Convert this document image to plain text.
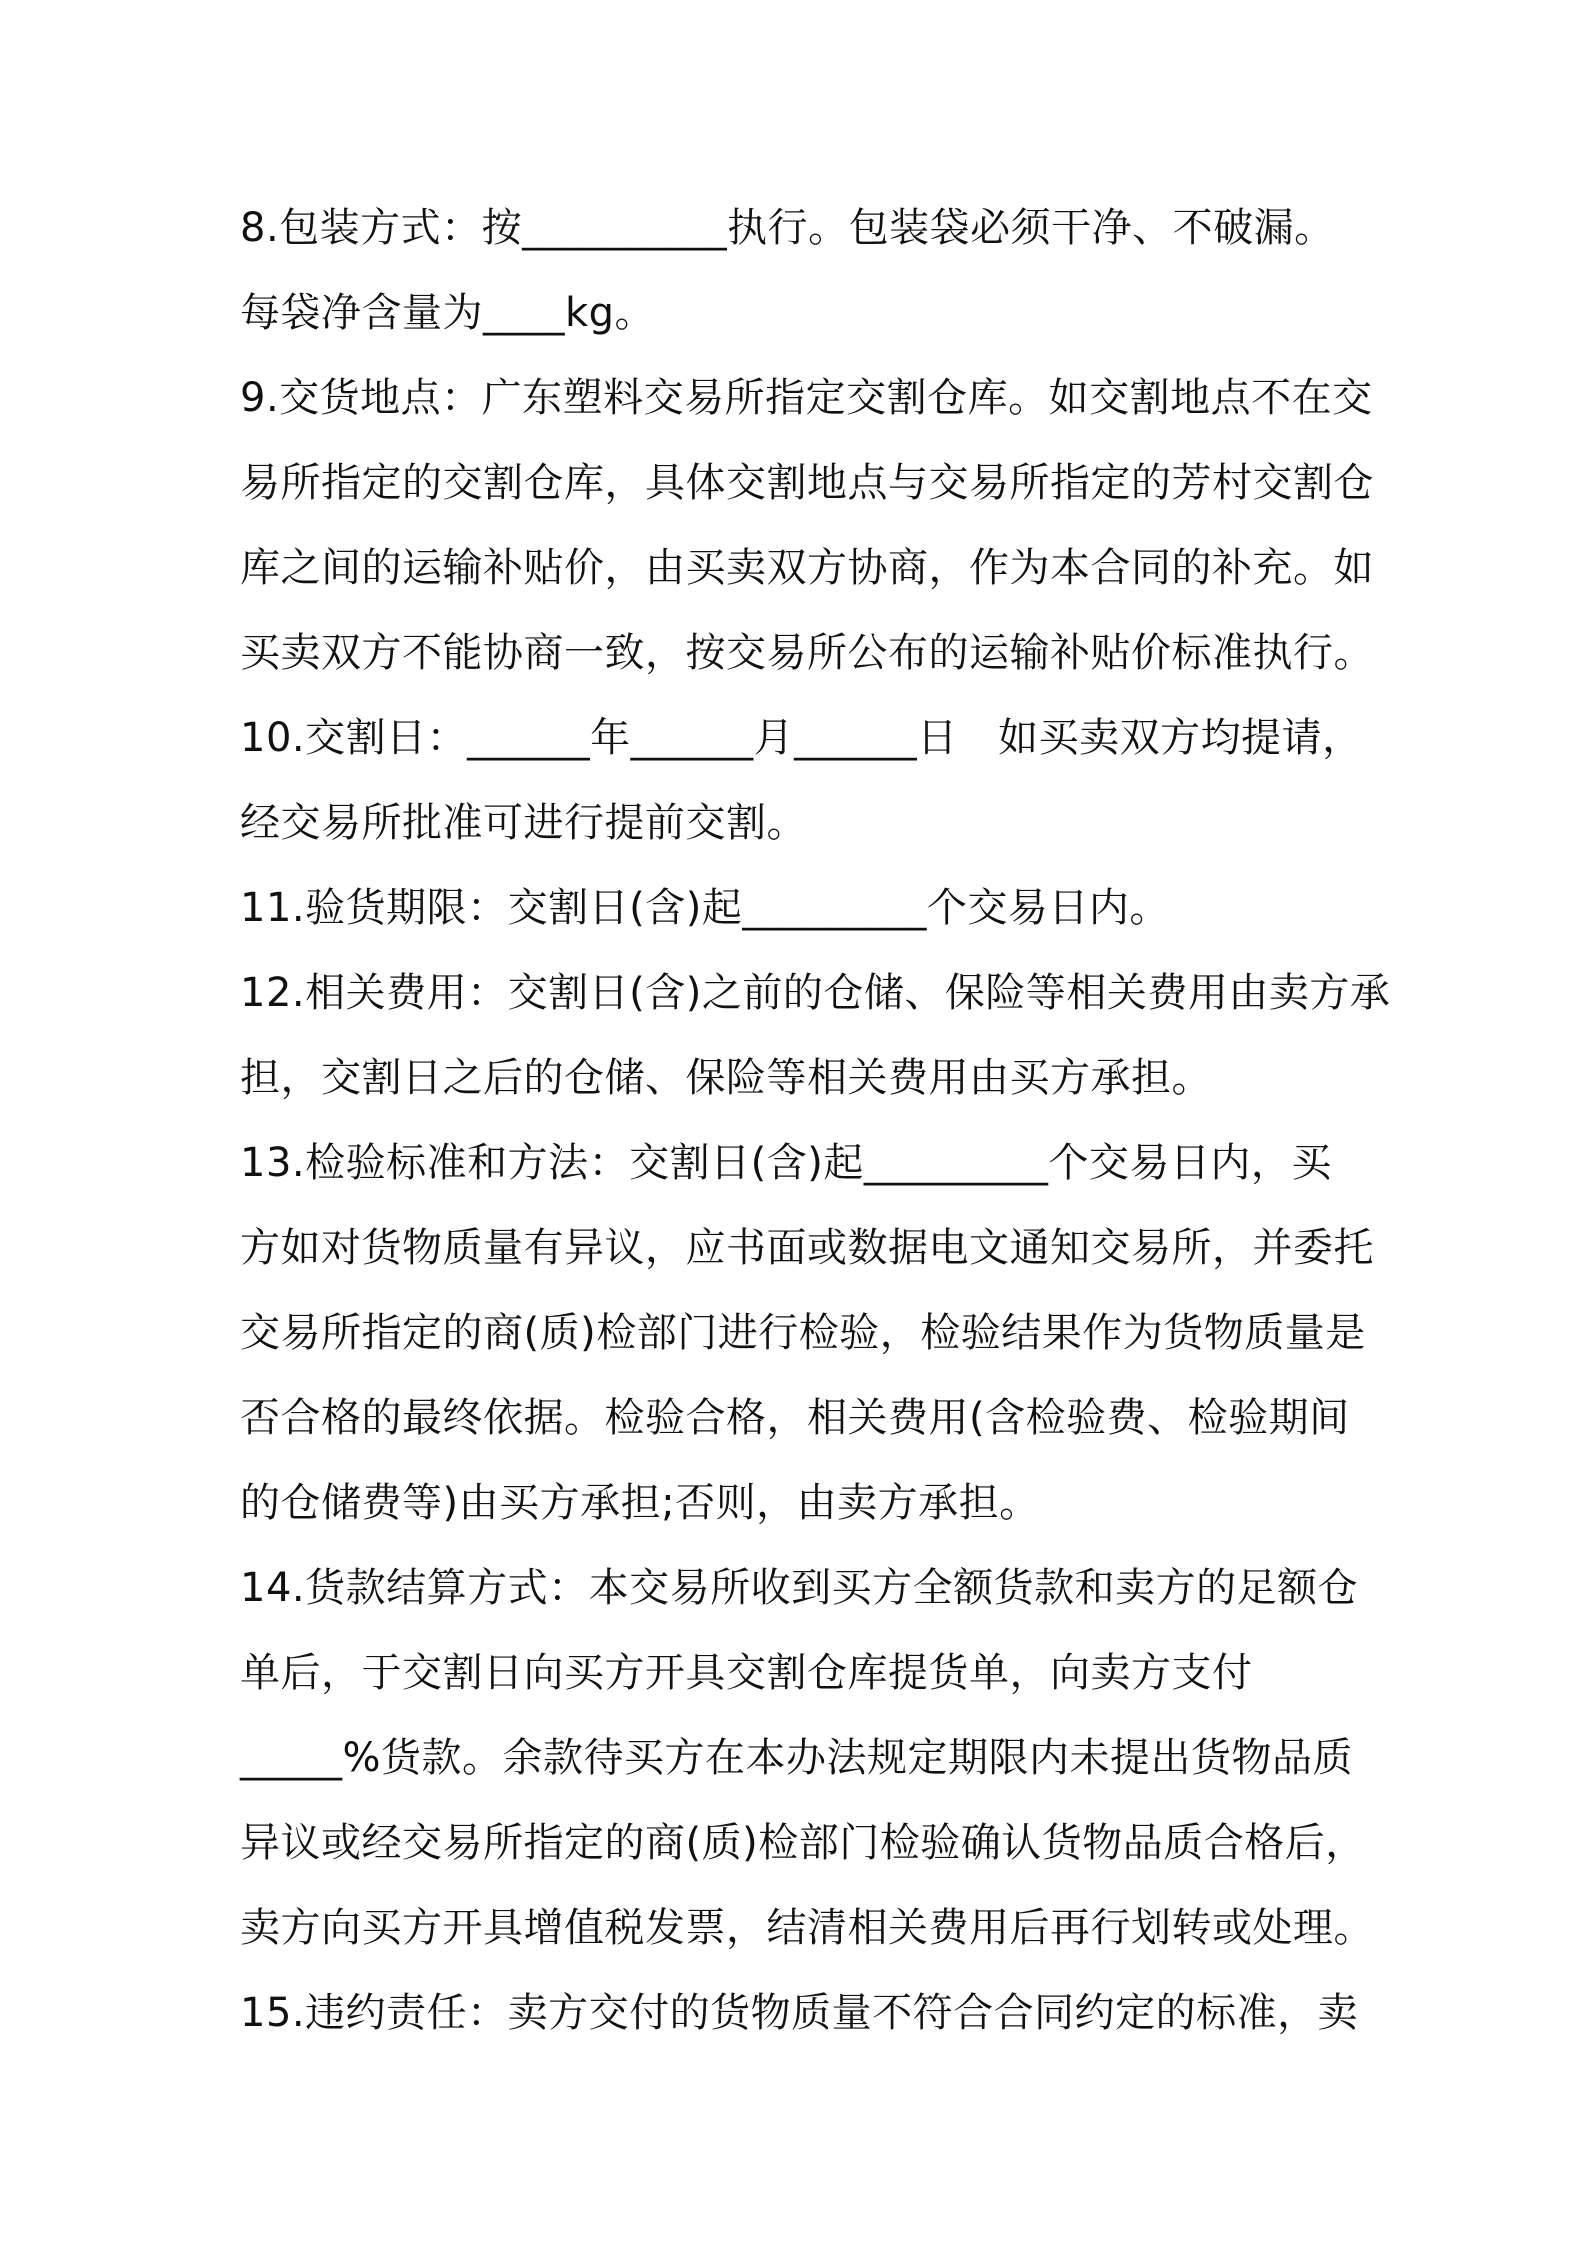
8.包装方式：按__________执行。包装袋必须干净、不破漏。
每袋净含量为____kg。
9.交货地点：广东塑料交易所指定交割仓库。如交割地点不在交
易所指定的交割仓库，具体交割地点与交易所指定的芳村交割仓
库之间的运输补贴价，由买卖双方协商，作为本合同的补充。如
买卖双方不能协商一致，按交易所公布的运输补贴价标准执行。
10.交割日：______年______月______日　如买卖双方均提请，
经交易所批准可进行提前交割。
11.验货期限：交割日(含)起_________个交易日内。
12.相关费用：交割日(含)之前的仓储、保险等相关费用由卖方承
担，交割日之后的仓储、保险等相关费用由买方承担。
13.检验标准和方法：交割日(含)起_________个交易日内，买
方如对货物质量有异议，应书面或数据电文通知交易所，并委托
交易所指定的商(质)检部门进行检验，检验结果作为货物质量是
否合格的最终依据。检验合格，相关费用(含检验费、检验期间
的仓储费等)由买方承担;否则，由卖方承担。
14.货款结算方式：本交易所收到买方全额货款和卖方的足额仓
单后，于交割日向买方开具交割仓库提货单，向卖方支付
_____%货款。余款待买方在本办法规定期限内未提出货物品质
异议或经交易所指定的商(质)检部门检验确认货物品质合格后，
卖方向买方开具增值税发票，结清相关费用后再行划转或处理。
15.违约责任：卖方交付的货物质量不符合合同约定的标准，卖
